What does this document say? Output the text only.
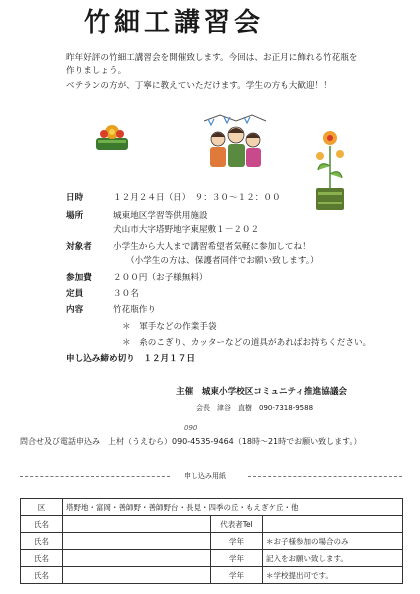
竹細工講習会
昨年好評の竹細工講習会を開催致します。今回は、お正月に飾れる竹花瓶を
作りましょう。
ベテランの方が、丁寧に教えていただけます。学生の方も大歓迎！！
日時	１２月２４日（日）　９：３０～１２：００
場所	城東地区学習等供用施設
犬山市大字塔野地字東屋敷１－２０２
対象者 小学生から大人まで講習希望者気軽に参加してね！
（小学生の方は、保護者同伴でお願い致します。）
参加費 ２００円（お子様無料）
定員	３０名
内容	竹花瓶作り
＊　軍手などの作業手袋
＊　糸のこぎり、カッターなどの道具があればお持ちください。
申し込み締め切り　１２月１７日
主催　城東小学校区コミュニティ推進協議会
会長　津谷　直樹　090-7318-9588
090
問合せ及び電話申込み　上村（うえむら）090-4535-9464（18時～21時でお願い致します。）
申し込み用紙
区	塔野地・富岡・善師野・善師野台・長見・四季の丘・もえぎケ丘・他		
氏名		代表者Tel	
氏名		学年	＊お子様参加の場合のみ
氏名		学年	記入をお願い致します。
氏名		学年	＊学校提出可です。
